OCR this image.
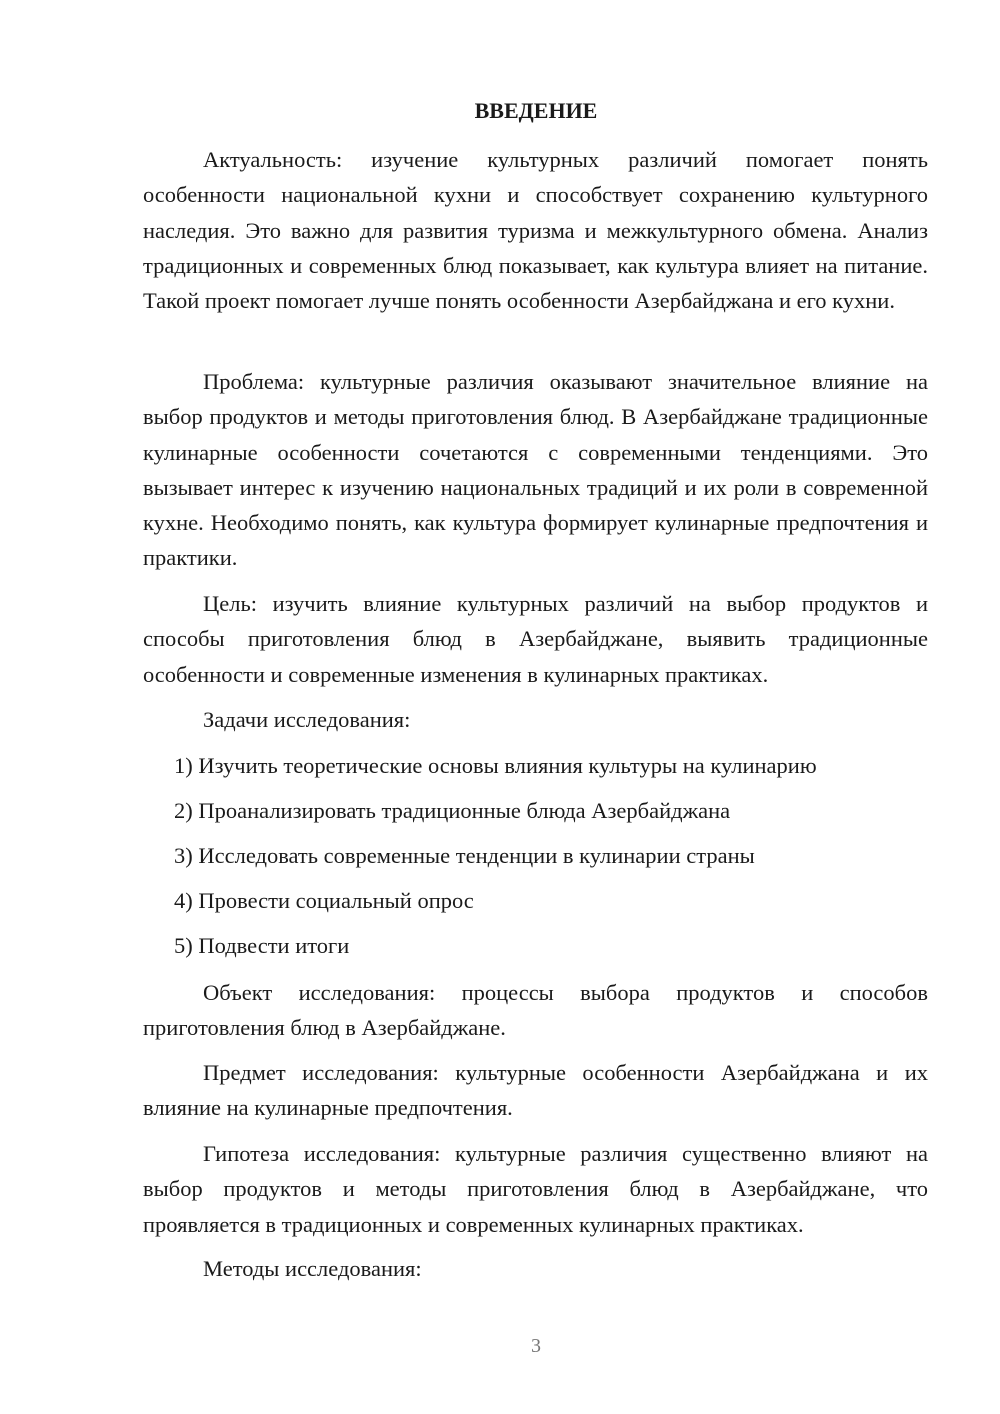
ВВЕДЕНИЕ

Актуальность: изучение культурных различий помогает понять особенности национальной кухни и способствует сохранению культурного наследия. Это важно для развития туризма и межкультурного обмена. Анализ традиционных и современных блюд показывает, как культура влияет на питание. Такой проект помогает лучше понять особенности Азербайджана и его кухни.

Проблема: культурные различия оказывают значительное влияние на выбор продуктов и методы приготовления блюд. В Азербайджане традиционные кулинарные особенности сочетаются с современными тенденциями. Это вызывает интерес к изучению национальных традиций и их роли в современной кухне. Необходимо понять, как культура формирует кулинарные предпочтения и практики.

Цель: изучить влияние культурных различий на выбор продуктов и способы приготовления блюд в Азербайджане, выявить традиционные особенности и современные изменения в кулинарных практиках.

Задачи исследования:

1) Изучить теоретические основы влияния культуры на кулинарию

2) Проанализировать традиционные блюда Азербайджана

3) Исследовать современные тенденции в кулинарии страны

4) Провести социальный опрос

5) Подвести итоги

Объект исследования: процессы выбора продуктов и способов приготовления блюд в Азербайджане.

Предмет исследования: культурные особенности Азербайджана и их влияние на кулинарные предпочтения.

Гипотеза исследования: культурные различия существенно влияют на выбор продуктов и методы приготовления блюд в Азербайджане, что проявляется в традиционных и современных кулинарных практиках.

Методы исследования:

3
